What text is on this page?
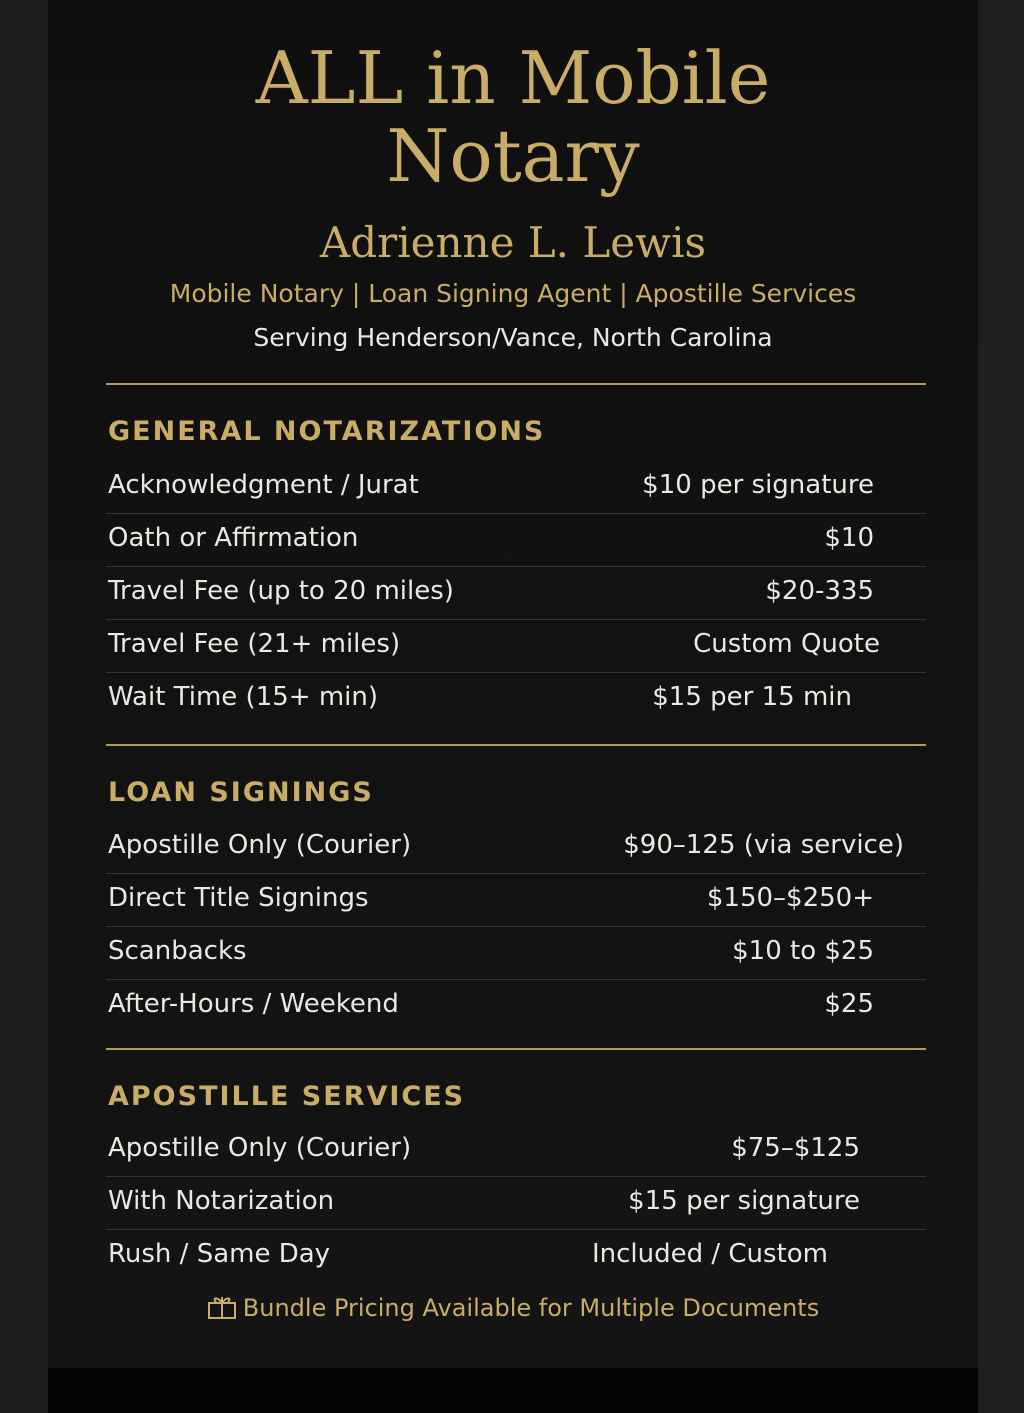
ALL in Mobile
Notary
Adrienne L. Lewis
Mobile Notary | Loan Signing Agent | Apostille Services
Serving Henderson/Vance, North Carolina
GENERAL NOTARIZATIONS
Acknowledgment / Jurat	$10 per signature
Oath or Affirmation	$10
Travel Fee (up to 20 miles)	$20-335
Travel Fee (21+ miles)	Custom Quote
Wait Time (15+ min)	$15 per 15 min
LOAN SIGNINGS
Apostille Only (Courier)	$90–125 (via service)
Direct Title Signings	$150–$250+
Scanbacks	$10 to $25
After-Hours / Weekend	$25
APOSTILLE SERVICES
Apostille Only (Courier)	$75–$125
With Notarization	$15 per signature
Rush / Same Day	Included / Custom
Bundle Pricing Available for Multiple Documents
